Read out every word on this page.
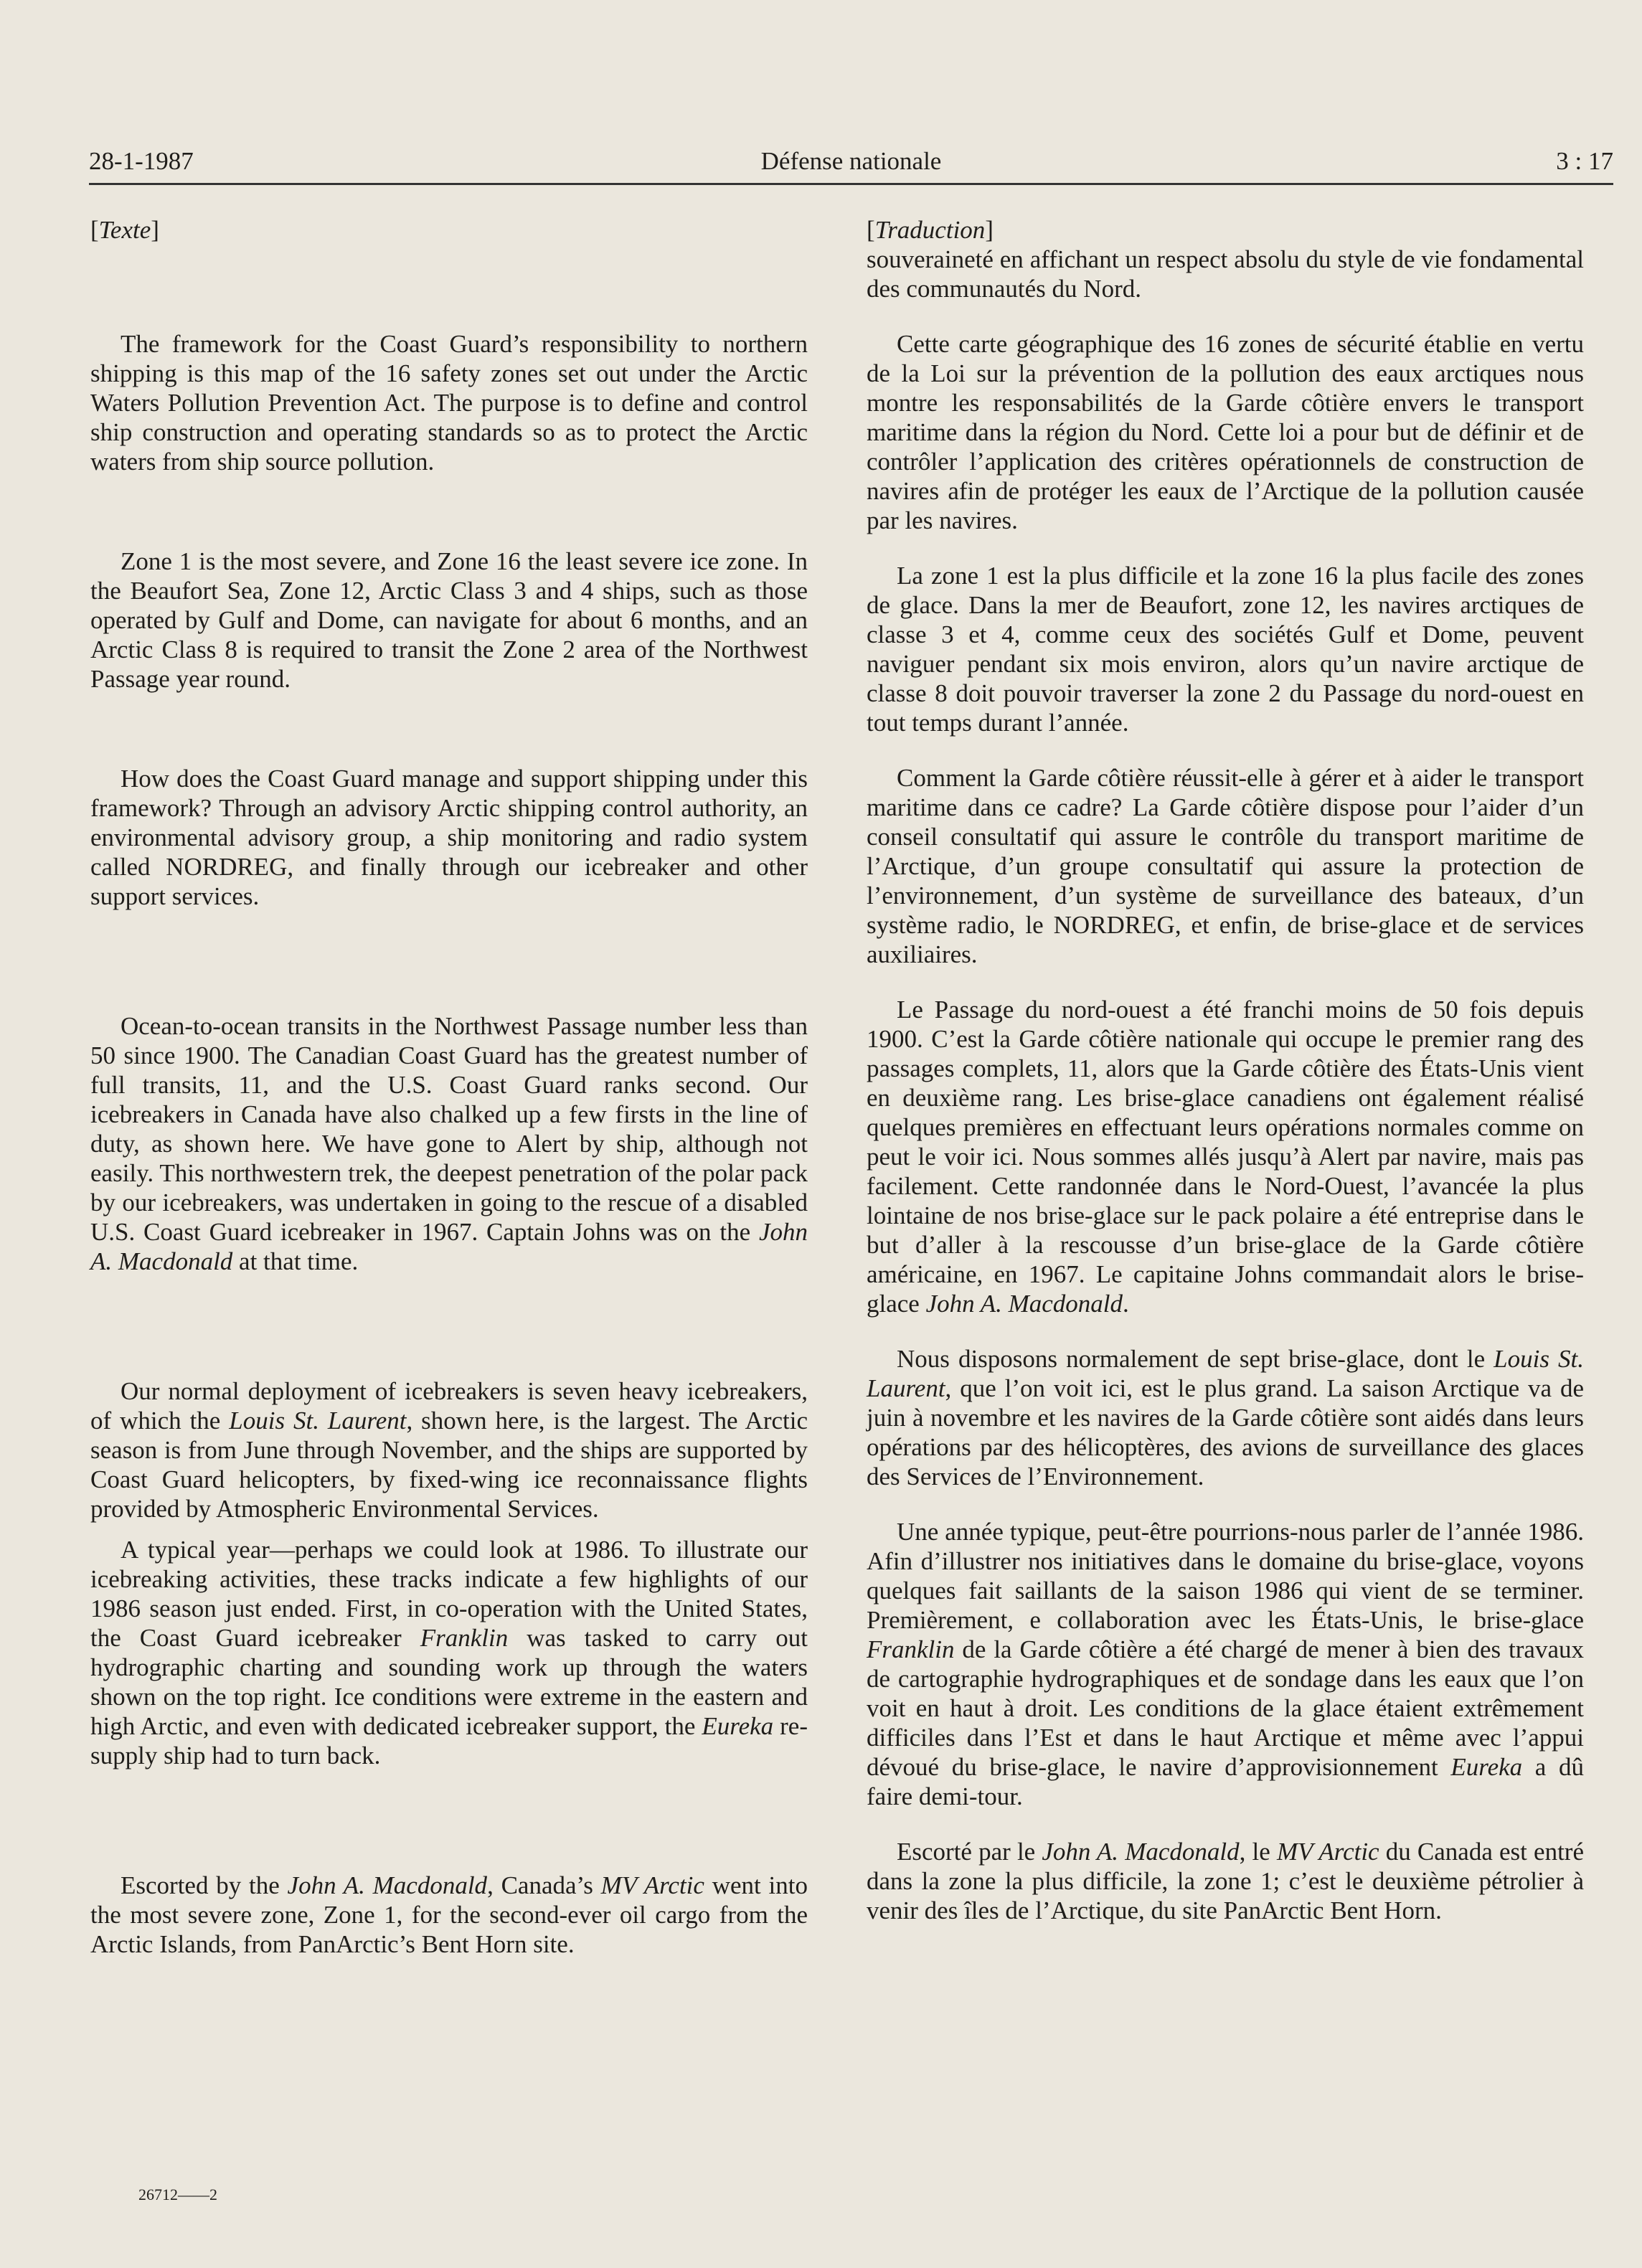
28-1-1987	Défense nationale	3 : 17

[Texte]

The framework for the Coast Guard’s responsibility to northern shipping is this map of the 16 safety zones set out under the Arctic Waters Pollution Prevention Act. The purpose is to define and control ship construction and operating standards so as to protect the Arctic waters from ship source pollution.

Zone 1 is the most severe, and Zone 16 the least severe ice zone. In the Beaufort Sea, Zone 12, Arctic Class 3 and 4 ships, such as those operated by Gulf and Dome, can navigate for about 6 months, and an Arctic Class 8 is required to transit the Zone 2 area of the Northwest Passage year round.

How does the Coast Guard manage and support shipping under this framework? Through an advisory Arctic shipping control authority, an environmental advisory group, a ship monitoring and radio system called NORDREG, and finally through our icebreaker and other support services.

Ocean-to-ocean transits in the Northwest Passage number less than 50 since 1900. The Canadian Coast Guard has the greatest number of full transits, 11, and the U.S. Coast Guard ranks second. Our icebreakers in Canada have also chalked up a few firsts in the line of duty, as shown here. We have gone to Alert by ship, although not easily. This northwestern trek, the deepest penetration of the polar pack by our icebreakers, was undertaken in going to the rescue of a disabled U.S. Coast Guard icebreaker in 1967. Captain Johns was on the John A. Macdonald at that time.

Our normal deployment of icebreakers is seven heavy icebreakers, of which the Louis St. Laurent, shown here, is the largest. The Arctic season is from June through November, and the ships are supported by Coast Guard helicopters, by fixed-wing ice reconnaissance flights provided by Atmospheric Environmental Services.

A typical year—perhaps we could look at 1986. To illustrate our icebreaking activities, these tracks indicate a few highlights of our 1986 season just ended. First, in co-operation with the United States, the Coast Guard icebreaker Franklin was tasked to carry out hydrographic charting and sounding work up through the waters shown on the top right. Ice conditions were extreme in the eastern and high Arctic, and even with dedicated icebreaker support, the Eureka re-supply ship had to turn back.

Escorted by the John A. Macdonald, Canada’s MV Arctic went into the most severe zone, Zone 1, for the second-ever oil cargo from the Arctic Islands, from PanArctic’s Bent Horn site.

[Traduction]

souveraineté en affichant un respect absolu du style de vie fondamental des communautés du Nord.

Cette carte géographique des 16 zones de sécurité établie en vertu de la Loi sur la prévention de la pollution des eaux arctiques nous montre les responsabilités de la Garde côtière envers le transport maritime dans la région du Nord. Cette loi a pour but de définir et de contrôler l’application des critères opérationnels de construction de navires afin de protéger les eaux de l’Arctique de la pollution causée par les navires.

La zone 1 est la plus difficile et la zone 16 la plus facile des zones de glace. Dans la mer de Beaufort, zone 12, les navires arctiques de classe 3 et 4, comme ceux des sociétés Gulf et Dome, peuvent naviguer pendant six mois environ, alors qu’un navire arctique de classe 8 doit pouvoir traverser la zone 2 du Passage du nord-ouest en tout temps durant l’année.

Comment la Garde côtière réussit-elle à gérer et à aider le transport maritime dans ce cadre? La Garde côtière dispose pour l’aider d’un conseil consultatif qui assure le contrôle du transport maritime de l’Arctique, d’un groupe consultatif qui assure la protection de l’environnement, d’un système de surveillance des bateaux, d’un système radio, le NORDREG, et enfin, de brise-glace et de services auxiliaires.

Le Passage du nord-ouest a été franchi moins de 50 fois depuis 1900. C’est la Garde côtière nationale qui occupe le premier rang des passages complets, 11, alors que la Garde côtière des États-Unis vient en deuxième rang. Les brise-glace canadiens ont également réalisé quelques premières en effectuant leurs opérations normales comme on peut le voir ici. Nous sommes allés jusqu’à Alert par navire, mais pas facilement. Cette randonnée dans le Nord-Ouest, l’avancée la plus lointaine de nos brise-glace sur le pack polaire a été entreprise dans le but d’aller à la rescousse d’un brise-glace de la Garde côtière américaine, en 1967. Le capitaine Johns commandait alors le brise-glace John A. Macdonald.

Nous disposons normalement de sept brise-glace, dont le Louis St. Laurent, que l’on voit ici, est le plus grand. La saison Arctique va de juin à novembre et les navires de la Garde côtière sont aidés dans leurs opérations par des hélicoptères, des avions de surveillance des glaces des Services de l’Environnement.

Une année typique, peut-être pourrions-nous parler de l’année 1986. Afin d’illustrer nos initiatives dans le domaine du brise-glace, voyons quelques fait saillants de la saison 1986 qui vient de se terminer. Premièrement, e collaboration avec les États-Unis, le brise-glace Franklin de la Garde côtière a été chargé de mener à bien des travaux de cartographie hydrographiques et de sondage dans les eaux que l’on voit en haut à droit. Les conditions de la glace étaient extrêmement difficiles dans l’Est et dans le haut Arctique et même avec l’appui dévoué du brise-glace, le navire d’approvisionnement Eureka a dû faire demi-tour.

Escorté par le John A. Macdonald, le MV Arctic du Canada est entré dans la zone la plus difficile, la zone 1; c’est le deuxième pétrolier à venir des îles de l’Arctique, du site PanArctic Bent Horn.

26712——2
